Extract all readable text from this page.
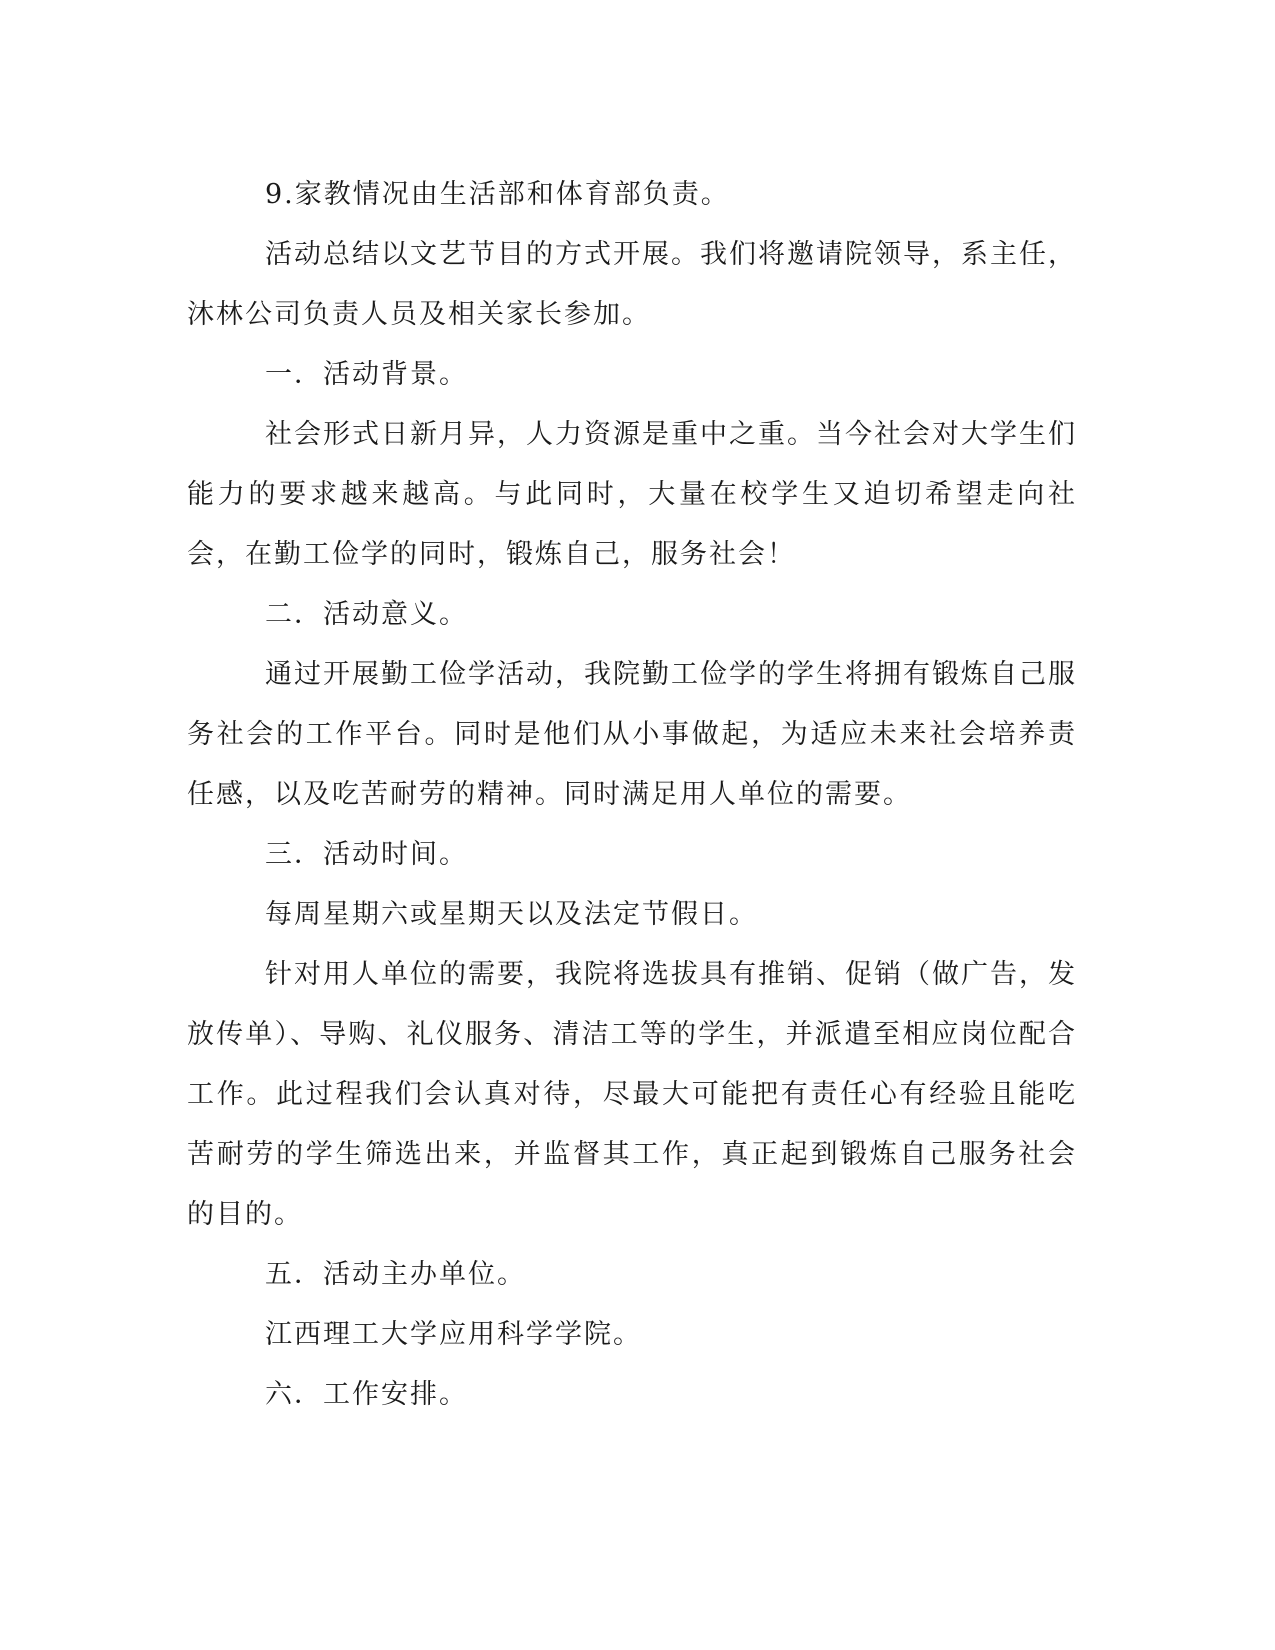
9.家教情况由生活部和体育部负责。

活动总结以文艺节目的方式开展。我们将邀请院领导，系主任，沐林公司负责人员及相关家长参加。

一．活动背景。

社会形式日新月异，人力资源是重中之重。当今社会对大学生们能力的要求越来越高。与此同时，大量在校学生又迫切希望走向社会，在勤工俭学的同时，锻炼自己，服务社会！

二．活动意义。

通过开展勤工俭学活动，我院勤工俭学的学生将拥有锻炼自己服务社会的工作平台。同时是他们从小事做起，为适应未来社会培养责任感，以及吃苦耐劳的精神。同时满足用人单位的需要。

三．活动时间。

每周星期六或星期天以及法定节假日。

针对用人单位的需要，我院将选拔具有推销、促销（做广告，发放传单）、导购、礼仪服务、清洁工等的学生，并派遣至相应岗位配合工作。此过程我们会认真对待，尽最大可能把有责任心有经验且能吃苦耐劳的学生筛选出来，并监督其工作，真正起到锻炼自己服务社会的目的。

五．活动主办单位。

江西理工大学应用科学学院。

六．工作安排。
